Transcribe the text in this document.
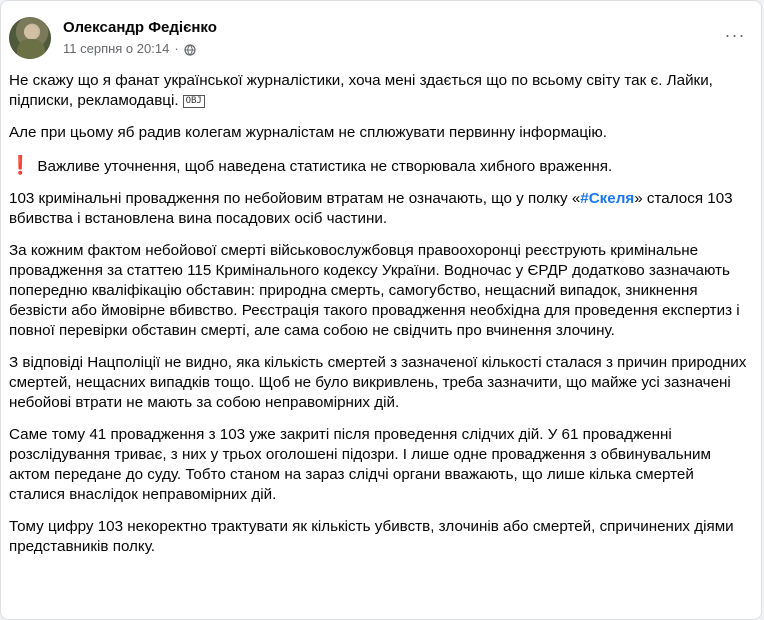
Олександр Федієнко
11 серпня о 20:14 ·
···

Не скажу що я фанат української журналістики, хоча мені здається що по всьому світу так є. Лайки, підписки, рекламодавці. OBJ

Але при цьому яб радив колегам журналістам не сплюжувати первинну інформацію.

❗ Важливе уточнення, щоб наведена статистика не створювала хибного враження.

103 кримінальні провадження по небойовим втратам не означають, що у полку «#Скеля» сталося 103 вбивства і встановлена вина посадових осіб частини.

За кожним фактом небойової смерті військовослужбовця правоохоронці реєструють кримінальне провадження за статтею 115 Кримінального кодексу України. Водночас у ЄРДР додатково зазначають попередню кваліфікацію обставин: природна смерть, самогубство, нещасний випадок, зникнення безвісти або ймовірне вбивство. Реєстрація такого провадження необхідна для проведення експертиз і повної перевірки обставин смерті, але сама собою не свідчить про вчинення злочину.

З відповіді Нацполіції не видно, яка кількість смертей з зазначеної кількості сталася з причин природних смертей, нещасних випадків тощо. Щоб не було викривлень, треба зазначити, що майже усі зазначені небойові втрати не мають за собою неправомірних дій.

Саме тому 41 провадження з 103 уже закриті після проведення слідчих дій. У 61 провадженні розслідування триває, з них у трьох оголошені підозри. І лише одне провадження з обвинувальним актом передане до суду. Тобто станом на зараз слідчі органи вважають, що лише кілька смертей сталися внаслідок неправомірних дій.

Тому цифру 103 некоректно трактувати як кількість убивств, злочинів або смертей, спричинених діями представників полку.
